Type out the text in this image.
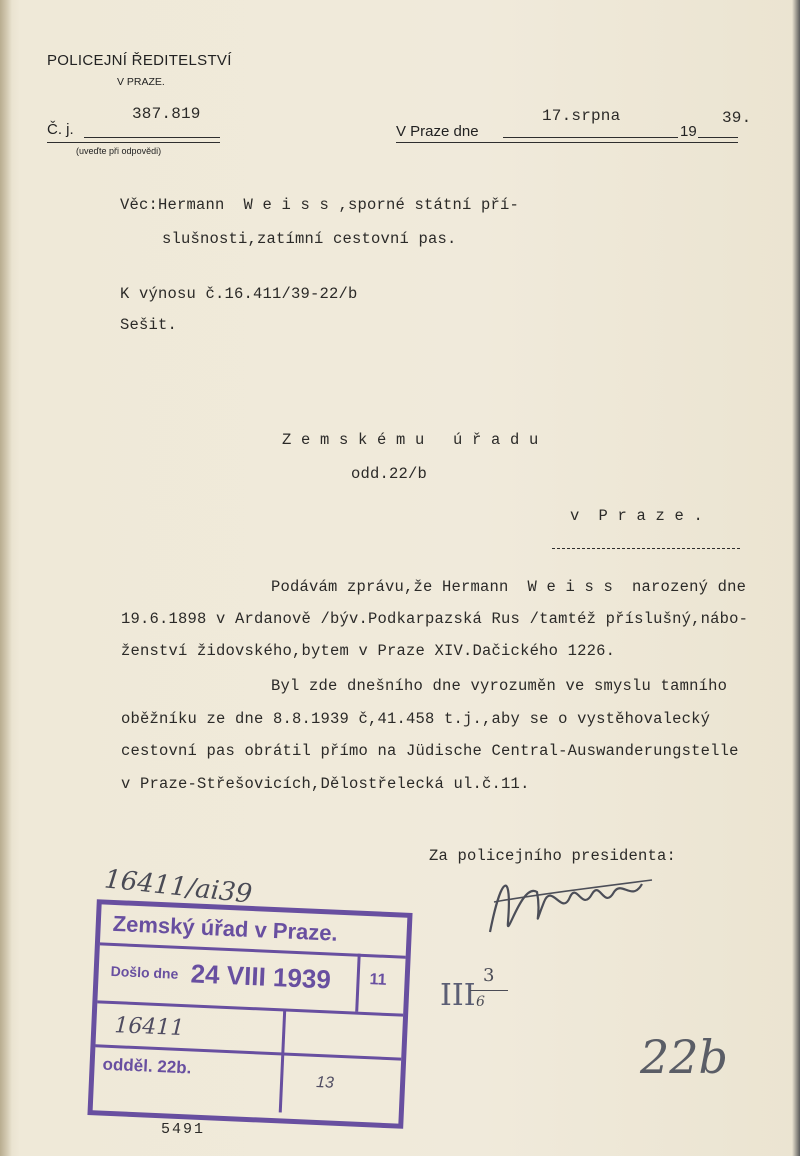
POLICEJNÍ ŘEDITELSTVÍ
V PRAZE.
Č. j.
387.819
(uveďte při odpovědi)
V Praze dne	19
17.srpna	39.
Věc:Hermann  W e i s s ,sporné státní pří-
slušnosti,zatímní cestovní pas.
K výnosu č.16.411/39-22/b
Sešit.
Z e m s k é m u   ú ř a d u
odd.22/b
v  P r a z e .
Podávám zprávu,že Hermann  W e i s s  narozený dne
19.6.1898 v Ardanově /býv.Podkarpazská Rus /tamtéž příslušný,nábo-
ženství židovského,bytem v Praze XIV.Dačického 1226.
Byl zde dnešního dne vyrozuměn ve smyslu tamního
oběžníku ze dne 8.8.1939 č,41.458 t.j.,aby se o vystěhovalecký
cestovní pas obrátil přímo na Jüdische Central-Auswanderungstelle
v Praze-Střešovicích,Dělostřelecká ul.č.11.
Za policejního presidenta:
16411/ai39
III
3
6
22b
Zemský úřad v Praze.
Došlo dne 24 VIII 1939 11
16411
odděl. 22b.
13
5491
